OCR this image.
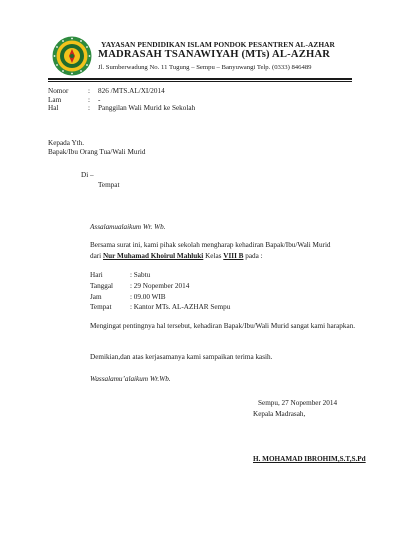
YAYASAN PENDIDIKAN ISLAM PONDOK PESANTREN AL-AZHAR
MADRASAH TSANAWIYAH (MTs) AL-AZHAR
Jl. Sumberwadung No. 11 Tugung – Sempu – Banyuwangi Telp. (0333) 846489
Nomor	: 826 /MTS.AL/XI/2014
Lam	: -
Hal	: Panggilan Wali Murid ke Sekolah
Kepada Yth.
Bapak/Ibu Orang Tua/Wali Murid
Di –
Tempat
Assalamualaikum Wr. Wb.
Bersama surat ini, kami pihak sekolah mengharap kehadiran Bapak/Ibu/Wali Murid
dari Nur Muhamad Khoirul Mahluki Kelas VIII B pada :
Hari	: Sabtu
Tanggal : 29 Nopember 2014
Jam	: 09.00 WIB
Tempat	: Kantor MTs. AL-AZHAR Sempu
Mengingat pentingnya hal tersebut, kehadiran Bapak/Ibu/Wali Murid sangat kami harapkan.
Demikian,dan atas kerjasamanya kami sampaikan terima kasih.
Wassalamu’alaikum Wr.Wb.
Sempu, 27 Nopember 2014
Kepala Madrasah,
H. MOHAMAD IBROHIM,S.T,S.Pd
